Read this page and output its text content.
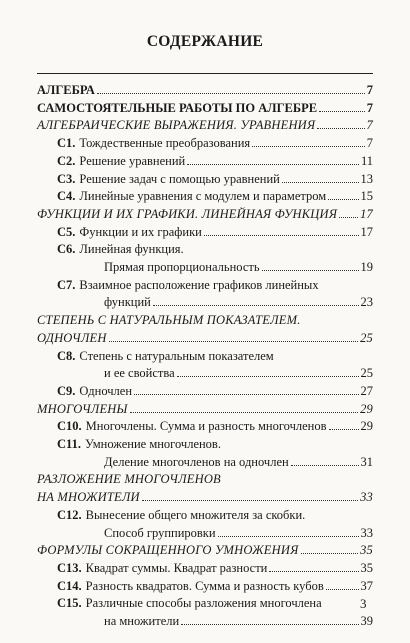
СОДЕРЖАНИЕ
АЛГЕБРА	7
САМОСТОЯТЕЛЬНЫЕ РАБОТЫ ПО АЛГЕБРЕ	7
АЛГЕБРАИЧЕСКИЕ ВЫРАЖЕНИЯ. УРАВНЕНИЯ	7
С1. Тождественные преобразования	7
С2. Решение уравнений	11
С3. Решение задач с помощью уравнений	13
С4. Линейные уравнения с модулем и параметром	15
ФУНКЦИИ И ИХ ГРАФИКИ. ЛИНЕЙНАЯ ФУНКЦИЯ 17
С5. Функции и их графики	17
С6. Линейная функция.
Прямая пропорциональность	19
С7. Взаимное расположение графиков линейных
функций	23
СТЕПЕНЬ С НАТУРАЛЬНЫМ ПОКАЗАТЕЛЕМ.
ОДНОЧЛЕН	25
С8. Степень с натуральным показателем
и ее свойства	25
С9. Одночлен	27
МНОГОЧЛЕНЫ	29
С10. Многочлены. Сумма и разность многочленов	29
С11. Умножение многочленов.
Деление многочленов на одночлен	31
РАЗЛОЖЕНИЕ МНОГОЧЛЕНОВ
НА МНОЖИТЕЛИ	33
С12. Вынесение общего множителя за скобки.
Способ группировки	33
ФОРМУЛЫ СОКРАЩЕННОГО УМНОЖЕНИЯ	35
С13. Квадрат суммы. Квадрат разности	35
С14. Разность квадратов. Сумма и разность кубов	37
С15. Различные способы разложения многочлена
на множители	39
3
